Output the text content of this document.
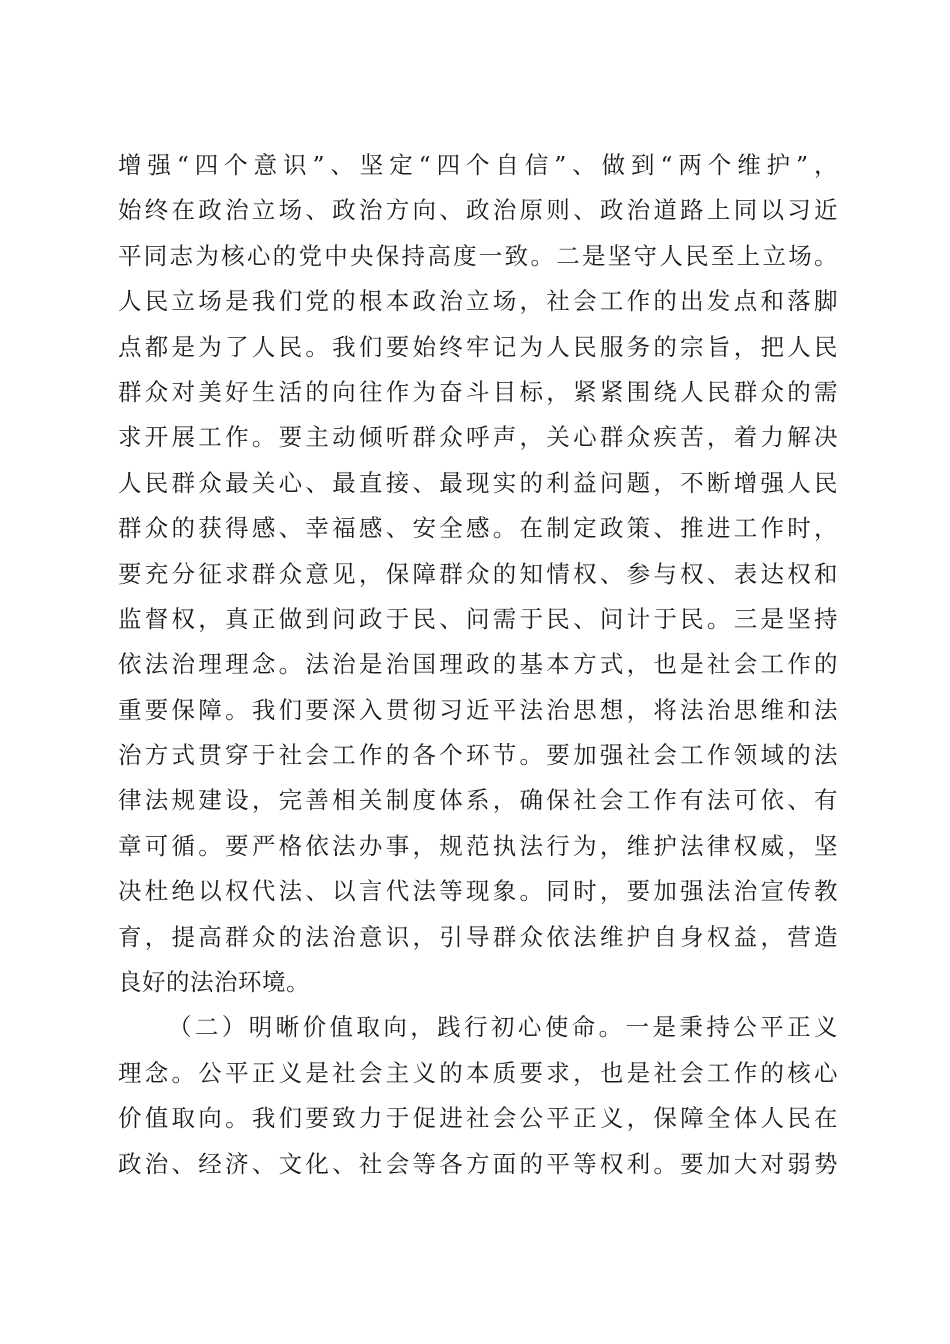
增强“四个意识”、坚定“四个自信”、做到“两个维护”，
始终在政治立场、政治方向、政治原则、政治道路上同以习近
平同志为核心的党中央保持高度一致。二是坚守人民至上立场。
人民立场是我们党的根本政治立场，社会工作的出发点和落脚
点都是为了人民。我们要始终牢记为人民服务的宗旨，把人民
群众对美好生活的向往作为奋斗目标，紧紧围绕人民群众的需
求开展工作。要主动倾听群众呼声，关心群众疾苦，着力解决
人民群众最关心、最直接、最现实的利益问题，不断增强人民
群众的获得感、幸福感、安全感。在制定政策、推进工作时，
要充分征求群众意见，保障群众的知情权、参与权、表达权和
监督权，真正做到问政于民、问需于民、问计于民。三是坚持
依法治理理念。法治是治国理政的基本方式，也是社会工作的
重要保障。我们要深入贯彻习近平法治思想，将法治思维和法
治方式贯穿于社会工作的各个环节。要加强社会工作领域的法
律法规建设，完善相关制度体系，确保社会工作有法可依、有
章可循。要严格依法办事，规范执法行为，维护法律权威，坚
决杜绝以权代法、以言代法等现象。同时，要加强法治宣传教
育，提高群众的法治意识，引导群众依法维护自身权益，营造
良好的法治环境。
（二）明晰价值取向，践行初心使命。一是秉持公平正义
理念。公平正义是社会主义的本质要求，也是社会工作的核心
价值取向。我们要致力于促进社会公平正义，保障全体人民在
政治、经济、文化、社会等各方面的平等权利。要加大对弱势
